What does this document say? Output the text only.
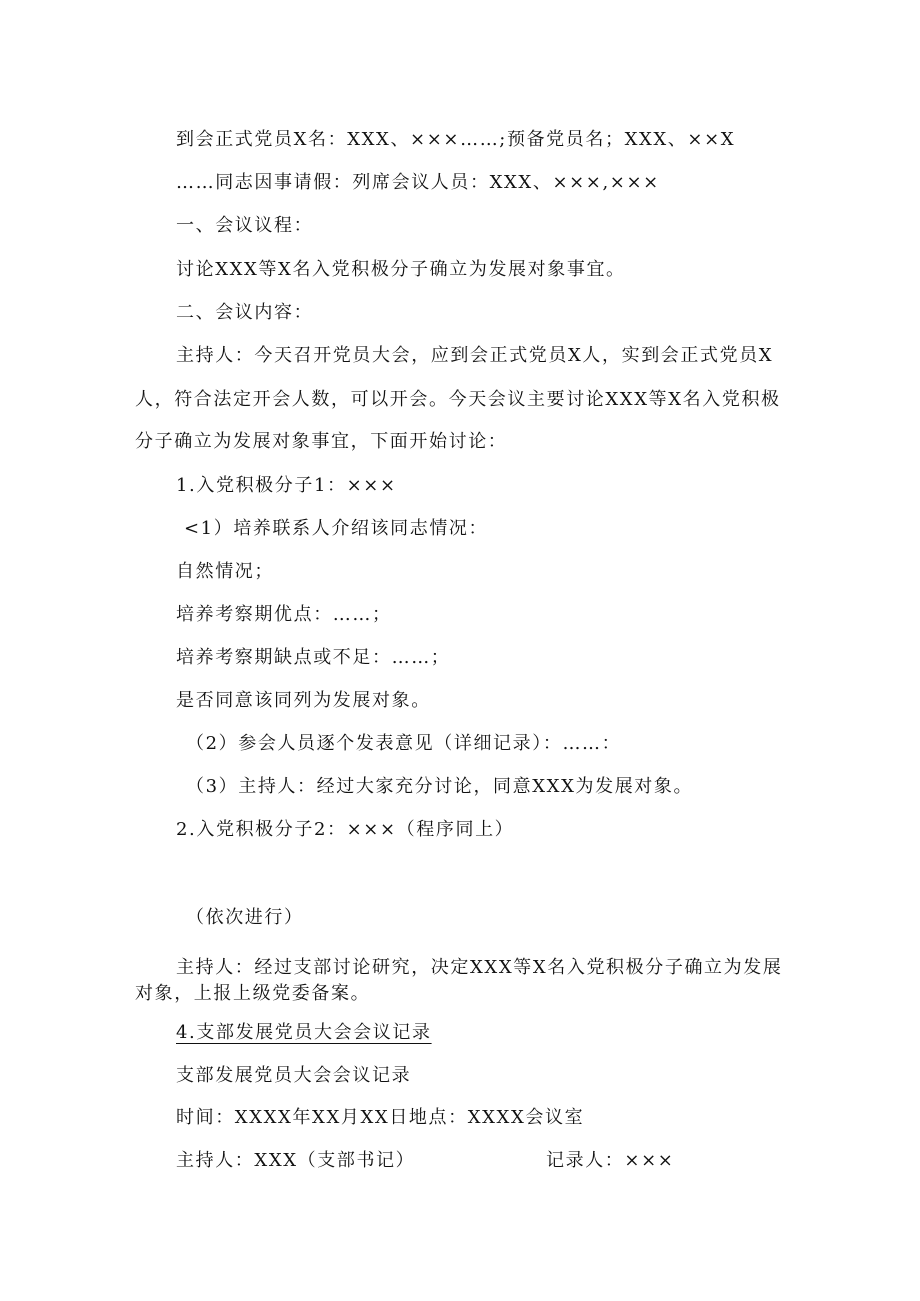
到会正式党员X名：XXX、×××……;预备党员名；XXX、××X
……同志因事请假：列席会议人员：XXX、×××,×××
一、会议议程：
讨论XXX等X名入党积极分子确立为发展对象事宜。
二、会议内容：
主持人：今天召开党员大会，应到会正式党员X人，实到会正式党员X
人，符合法定开会人数，可以开会。今天会议主要讨论XXX等X名入党积极
分子确立为发展对象事宜，下面开始讨论：
1.入党积极分子1：×××
<1）培养联系人介绍该同志情况：
自然情况；
培养考察期优点：……；
培养考察期缺点或不足：……；
是否同意该同列为发展对象。
（2）参会人员逐个发表意见（详细记录）：……：
（3）主持人：经过大家充分讨论，同意XXX为发展对象。
2.入党积极分子2：×××（程序同上）
（依次进行）
主持人：经过支部讨论研究，决定XXX等X名入党积极分子确立为发展
对象，上报上级党委备案。
4.支部发展党员大会会议记录
支部发展党员大会会议记录
时间：XXXX年XX月XX日地点：XXXX会议室
主持人：XXX（支部书记）	记录人：×××
